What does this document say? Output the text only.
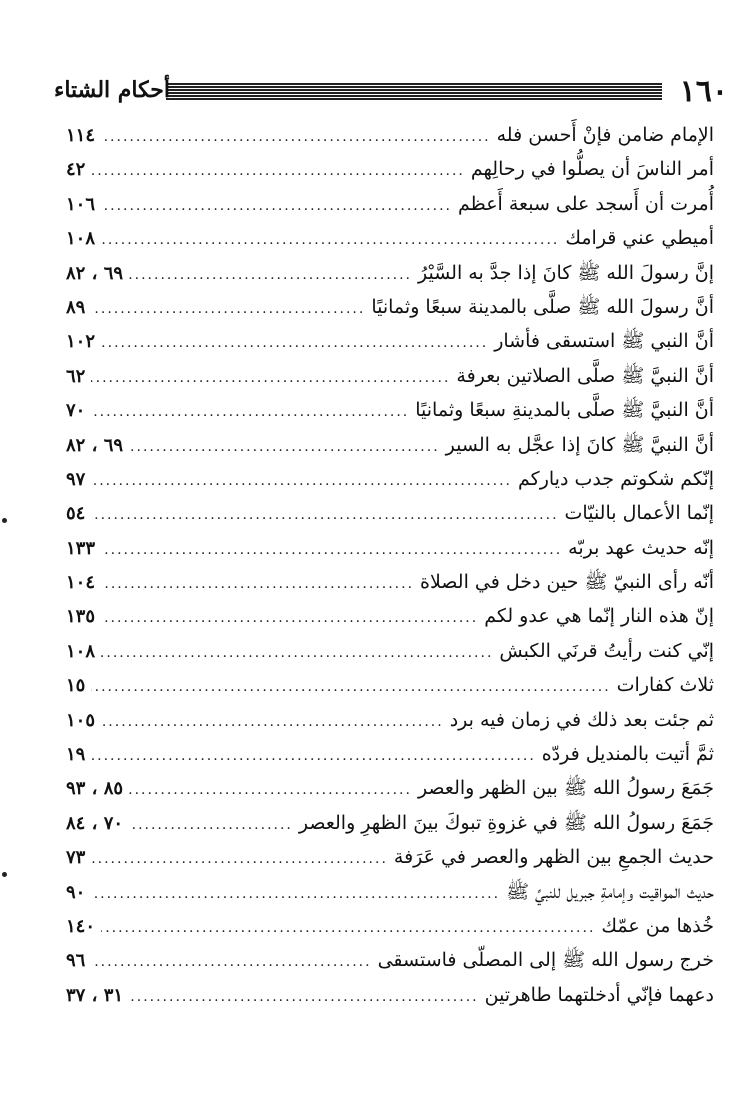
١٦٠
أحكام الشتاء
الإمام ضامن فإنْ أَحسن فله
.....
١١٤
أمر الناسَ أن يصلُّوا في رحالِهم
.....
٤٢
أُمرت أن أَسجد على سبعة أَعظم
.....
١٠٦
أميطي عني قرامك
.....
١٠٨
إنَّ رسولَ الله ﷺ كانَ إذا جدَّ به السَّيْرُ
.....
٦٩ ، ٨٢
أنَّ رسولَ الله ﷺ صلَّى بالمدينة سبعًا وثمانيًا
.....
٨٩
أنَّ النبي ﷺ استسقى فأشار
.....
١٠٢
أنَّ النبيَّ ﷺ صلَّى الصلاتين بعرفة
.....
٦٢
أنَّ النبيَّ ﷺ صلَّى بالمدينةِ سبعًا وثمانيًا
.....
٧٠
أنَّ النبيَّ ﷺ كانَ إذا عجَّل به السير
.....
٦٩ ، ٨٢
إنّكم شكوتم جدب دياركم
.....
٩٧
إنّما الأعمال بالنيّات
.....
٥٤
إنّه حديث عهد بربّه
.....
١٣٣
أنّه رأى النبيّ ﷺ حين دخل في الصلاة
.....
١٠٤
إنّ هذه النار إنّما هي عدو لكم
.....
١٣٥
إنّي كنت رأيتُ قرنَي الكبش
.....
١٠٨
ثلاث كفارات
.....
١٥
ثم جئت بعد ذلك في زمان فيه برد
.....
١٠٥
ثمَّ أتيت بالمنديل فردّه
.....
١٩
جَمَعَ رسولُ الله ﷺ بين الظهر والعصر
.....
٨٥ ، ٩٣
جَمَعَ رسولُ الله ﷺ في غزوةِ تبوكَ بينَ الظهرِ والعصر
.....
٧٠ ، ٨٤
حديث الجمعِ بين الظهر والعصر في عَرَفة
.....
٧٣
حديث المواقيت وإمامةِ جبريل للنبيِّ ﷺ
.....
٩٠
خُذها من عمّك
.....
١٤٠
خرج رسول الله ﷺ إلى المصلّى فاستسقى
.....
٩٦
دعهما فإنّي أدخلتهما طاهرتين
.....
٣١ ، ٣٧
